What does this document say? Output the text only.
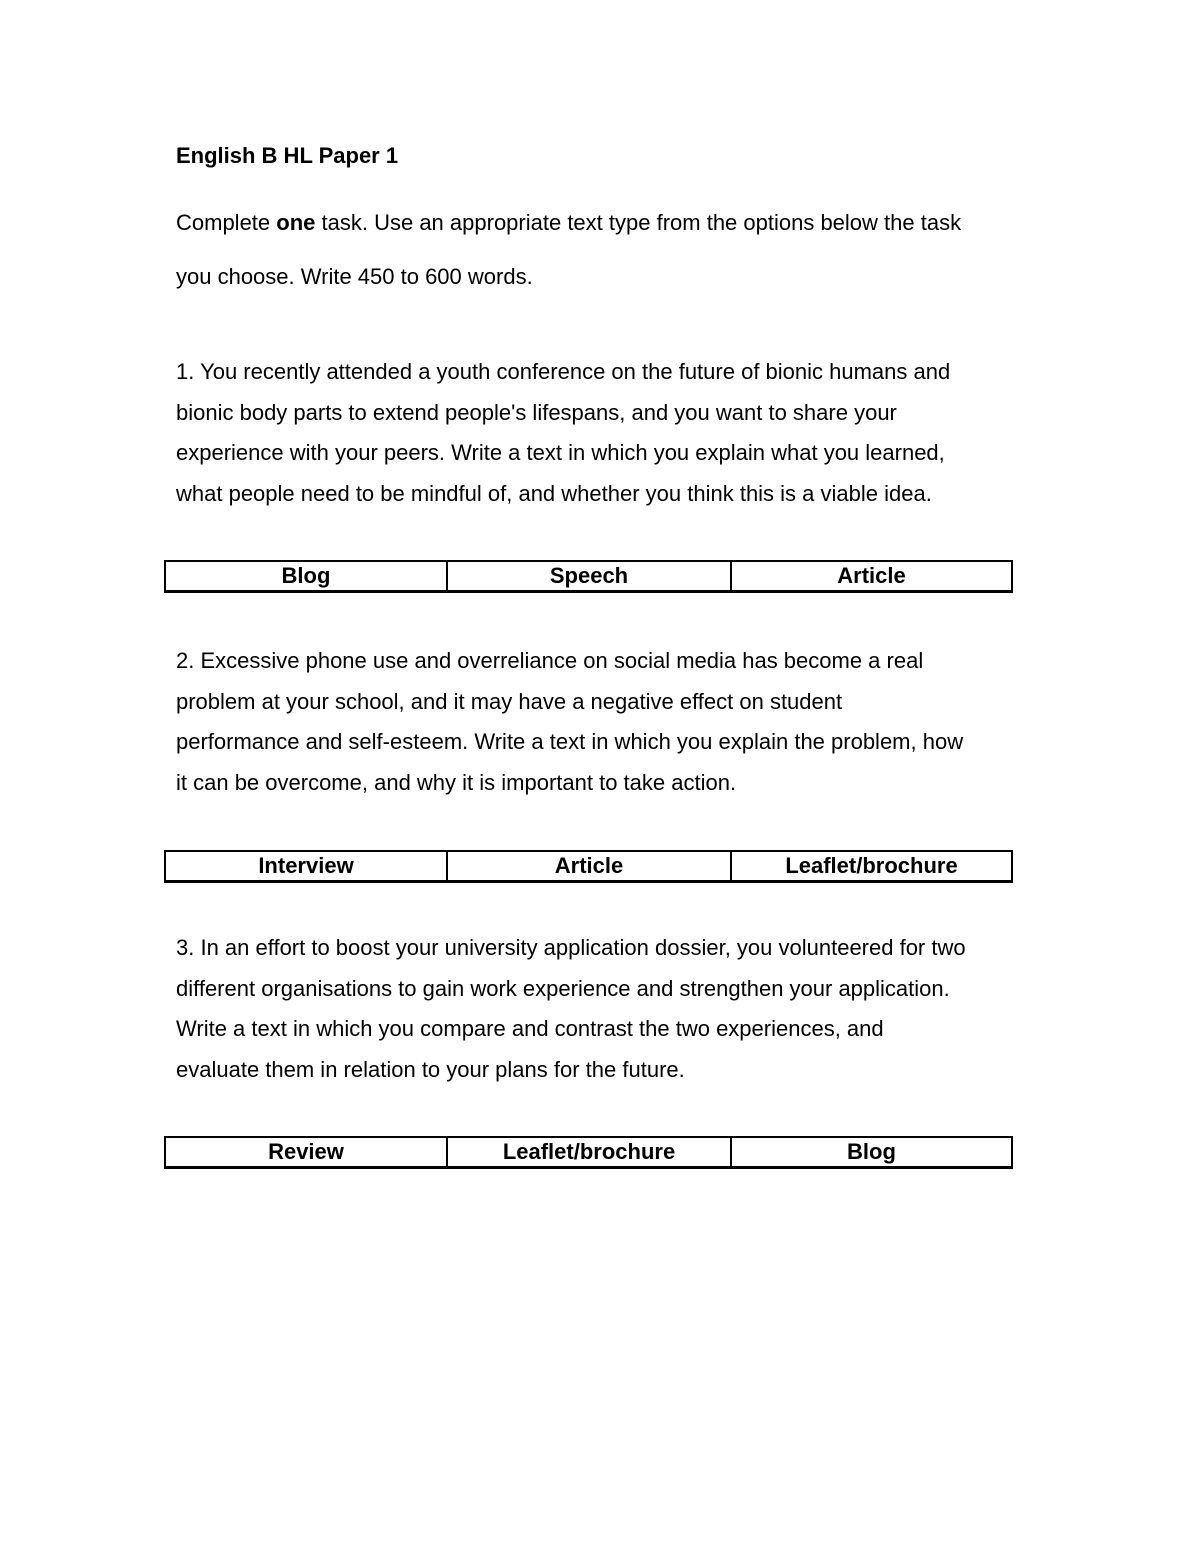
English B HL Paper 1
Complete one task. Use an appropriate text type from the options below the task
you choose. Write 450 to 600 words.
1. You recently attended a youth conference on the future of bionic humans and
bionic body parts to extend people's lifespans, and you want to share your
experience with your peers. Write a text in which you explain what you learned,
what people need to be mindful of, and whether you think this is a viable idea.
Blog	Speech	Article
2. Excessive phone use and overreliance on social media has become a real
problem at your school, and it may have a negative effect on student
performance and self-esteem. Write a text in which you explain the problem, how
it can be overcome, and why it is important to take action.
Interview	Article	Leaflet/brochure
3. In an effort to boost your university application dossier, you volunteered for two
different organisations to gain work experience and strengthen your application.
Write a text in which you compare and contrast the two experiences, and
evaluate them in relation to your plans for the future.
Review	Leaflet/brochure	Blog
